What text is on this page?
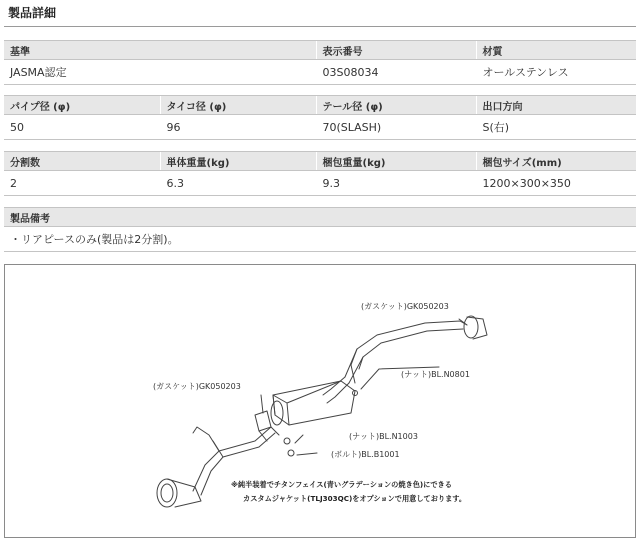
製品詳細
基準	表示番号	材質
JASMA認定	03S08034	オールステンレス
パイプ径 (φ)	タイコ径 (φ)	テール径 (φ)	出口方向
50	96	70(SLASH)	S(右)
分割数	単体重量(kg)	梱包重量(kg)	梱包サイズ(mm)
2	6.3	9.3	1200×300×350
製品備考
・リアピースのみ(製品は2分割)。
(ガスケット)GK050203
(ナット)BL.N0801
(ガスケット)GK050203
(ナット)BL.N1003
(ボルト)BL.B1001
※純半装着でチタンフェイス(青いグラデーションの焼き色)にできる
カスタムジャケット(TLJ303QC)をオプションで用意しております。
